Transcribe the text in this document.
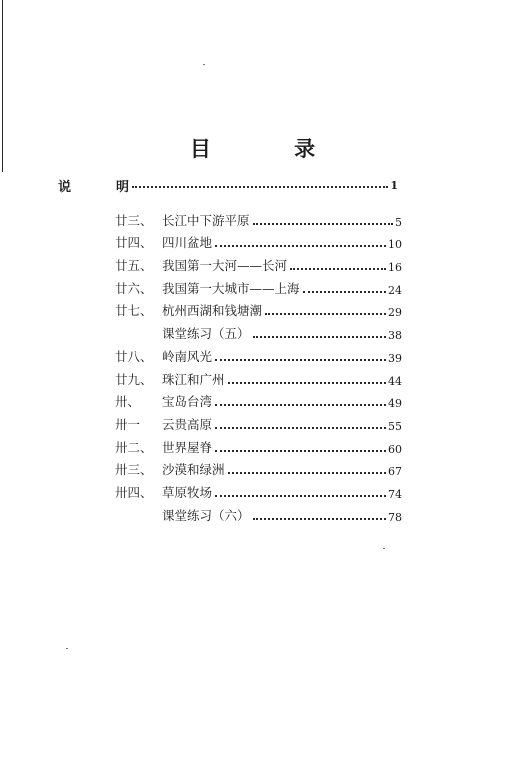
目 录
说	明	1
廿三、 长江中下游平原	5
廿四、 四川盆地	10
廿五、 我国第一大河——长河	16
廿六、 我国第一大城市——上海	24
廿七、 杭州西湖和钱塘潮	29
课堂练习（五）	38
廿八、 岭南风光	39
廿九、 珠江和广州	44
卅、	宝岛台湾	49
卅一	云贵高原	55
卅二、 世界屋脊	60
卅三、 沙漠和绿洲	67
卅四、 草原牧场	74
课堂练习（六）	78
